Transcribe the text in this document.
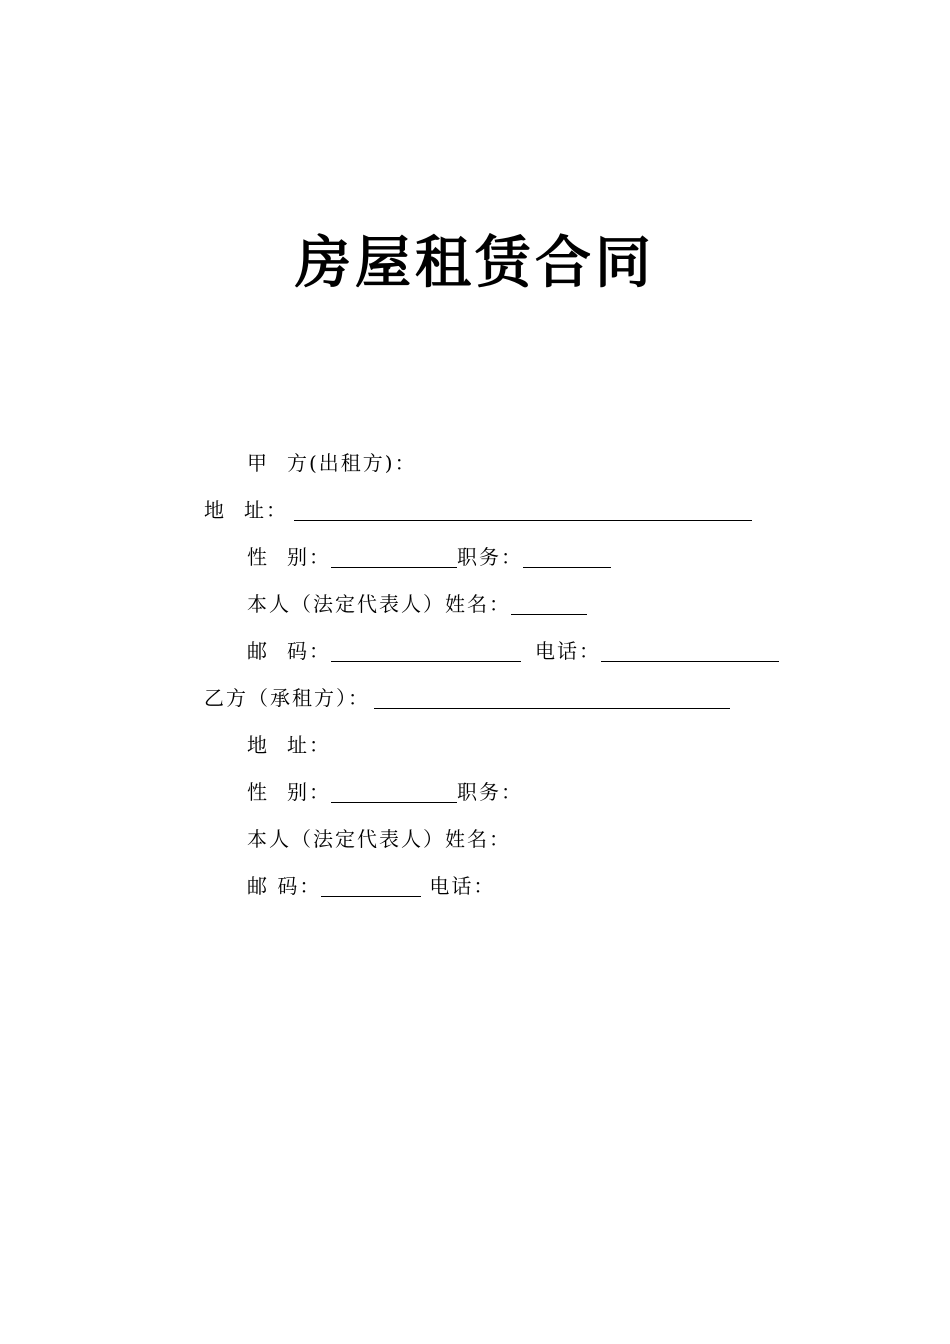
房屋租赁合同
甲 方(出租方)：
地 址：
性 别：	职务：
本人（法定代表人）姓名：
邮 码：	电话：
乙方（承租方）：
地 址：
性 别：	职务：
本人（法定代表人）姓名：
邮 码：	电话：
